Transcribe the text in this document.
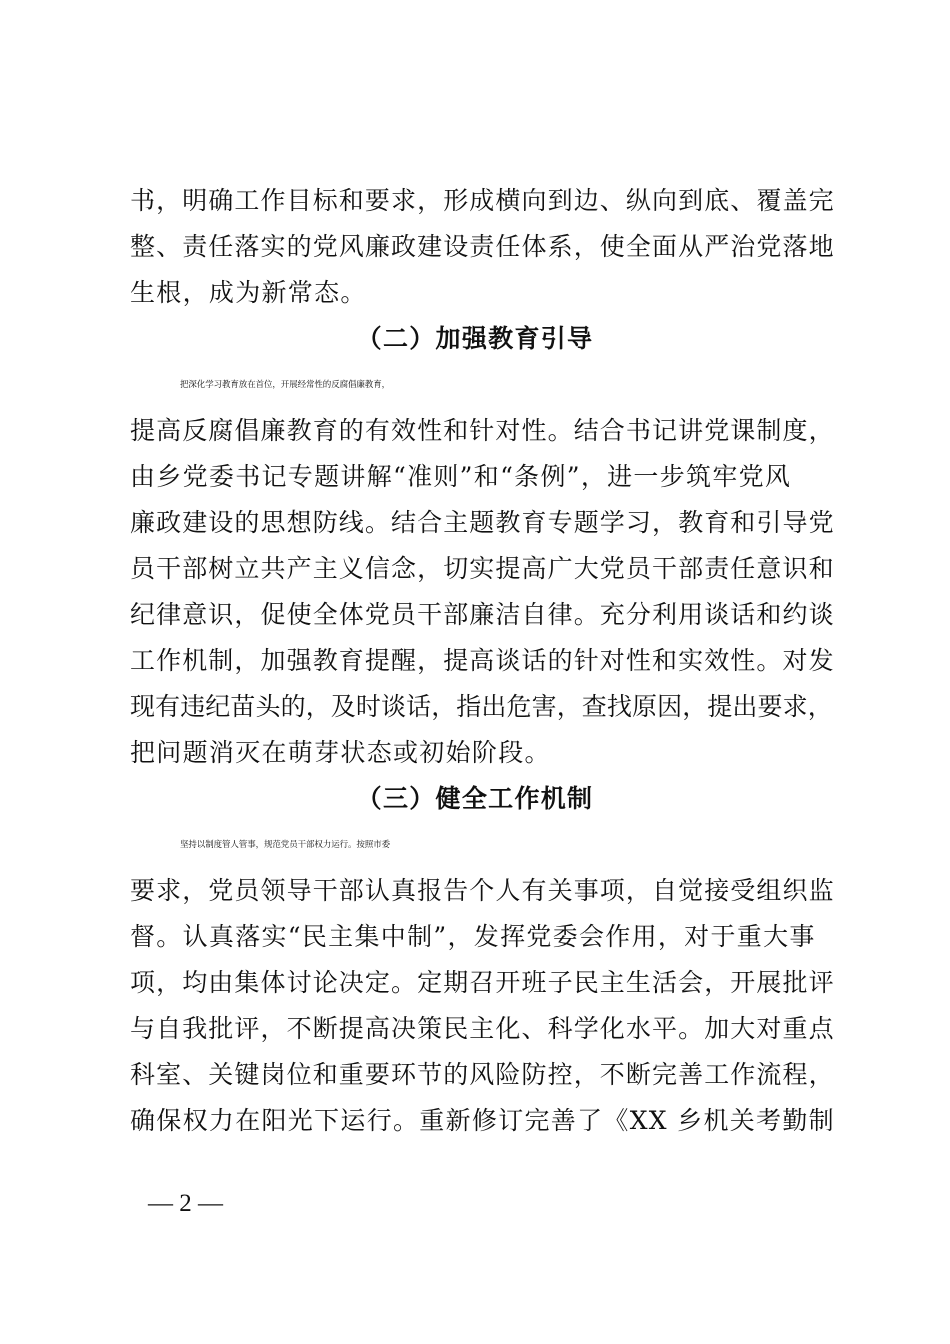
书，明确工作目标和要求，形成横向到边、纵向到底、覆盖完
整、责任落实的党风廉政建设责任体系，使全面从严治党落地
生根，成为新常态。
（二）加强教育引导
把深化学习教育放在首位，开展经常性的反腐倡廉教育，
提高反腐倡廉教育的有效性和针对性。结合书记讲党课制度，
由乡党委书记专题讲解“准则”和“条例”，进一步筑牢党风
廉政建设的思想防线。结合主题教育专题学习，教育和引导党
员干部树立共产主义信念，切实提高广大党员干部责任意识和
纪律意识，促使全体党员干部廉洁自律。充分利用谈话和约谈
工作机制，加强教育提醒，提高谈话的针对性和实效性。对发
现有违纪苗头的，及时谈话，指出危害，查找原因，提出要求，
把问题消灭在萌芽状态或初始阶段。
（三）健全工作机制
坚持以制度管人管事，规范党员干部权力运行。按照市委
要求，党员领导干部认真报告个人有关事项，自觉接受组织监
督。认真落实“民主集中制”，发挥党委会作用，对于重大事
项，均由集体讨论决定。定期召开班子民主生活会，开展批评
与自我批评，不断提高决策民主化、科学化水平。加大对重点
科室、关键岗位和重要环节的风险防控，不断完善工作流程，
确保权力在阳光下运行。重新修订完善了《XX 乡机关考勤制
— 2 —
